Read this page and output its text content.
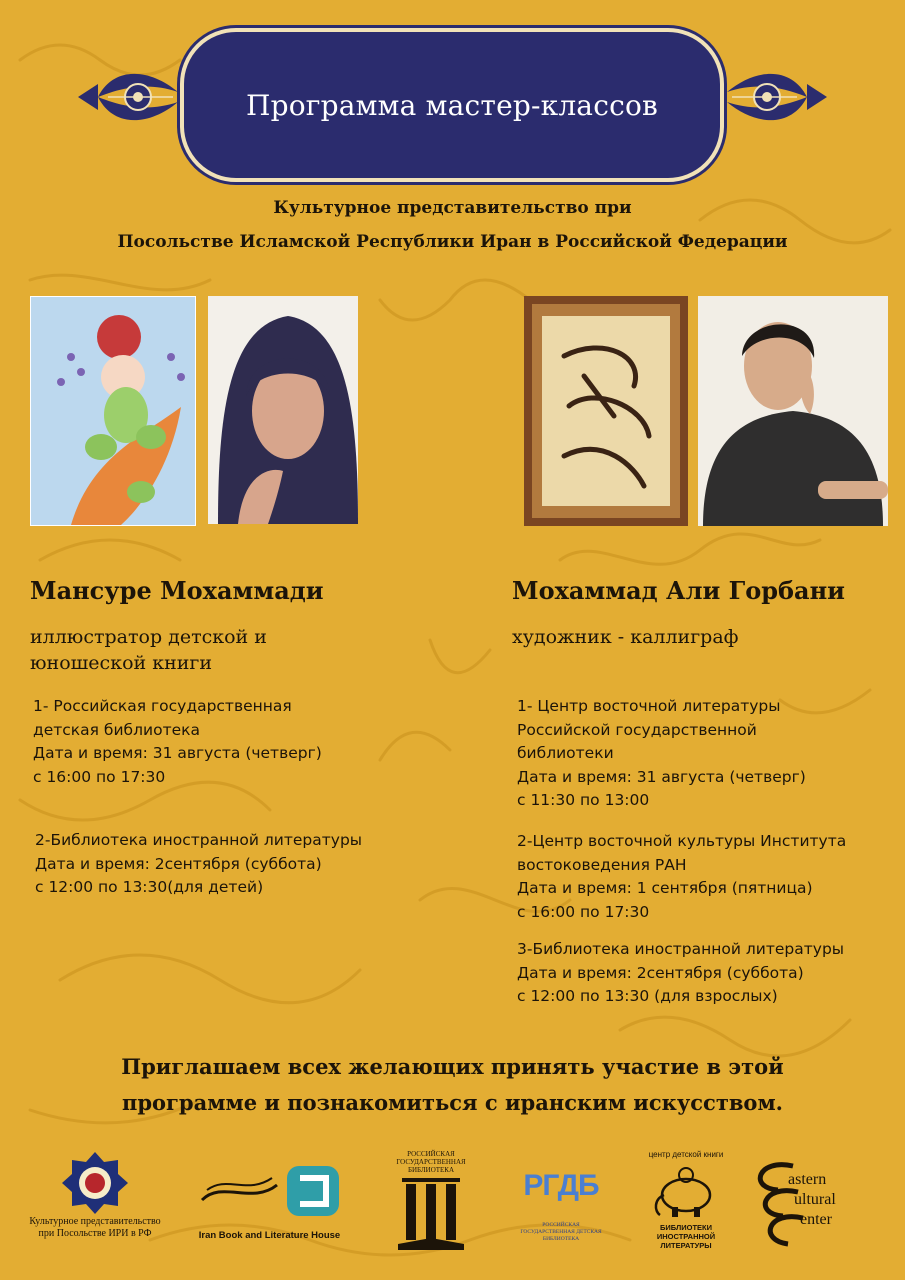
Программа мастер-классов
Культурное представительство при
Посольстве Исламской Республики Иран в Российской Федерации
Мансуре Мохаммади
иллюстратор детской и
юношеской книги
1- Российская государственная
детская библиотека
Дата и время: 31 августа (четверг)
с 16:00 по 17:30
2-Библиотека иностранной литературы
Дата и время: 2сентября (суббота)
с 12:00 по 13:30(для детей)
Мохаммад Али Горбани
художник - каллиграф
1- Центр восточной литературы
Российской государственной
библиотеки
Дата и время: 31 августа (четверг)
с 11:30 по 13:00
2-Центр восточной культуры Института
востоковедения РАН
Дата и время: 1 сентября (пятница)
с 16:00 по 17:30
3-Библиотека иностранной литературы
Дата и время: 2сентября (суббота)
с 12:00 по 13:30 (для взрослых)
Приглашаем всех желающих принять участие в этой
программе и познакомиться с иранским искусством.
Культурное представительство
при Посольстве ИРИ в РФ	Iran Book and Literature House
РОССИЙСКАЯ
ГОСУДАРСТВЕННАЯ
БИБЛИОТЕКА	РГДБ
РОССИЙСКАЯ ГОСУДАРСТВЕННАЯ ДЕТСКАЯ БИБЛИОТЕКА
центр детской книги
БИБЛИОТЕКИ
ИНОСТРАННОЙ
ЛИТЕРАТУРЫ
astern
ultural
enter
